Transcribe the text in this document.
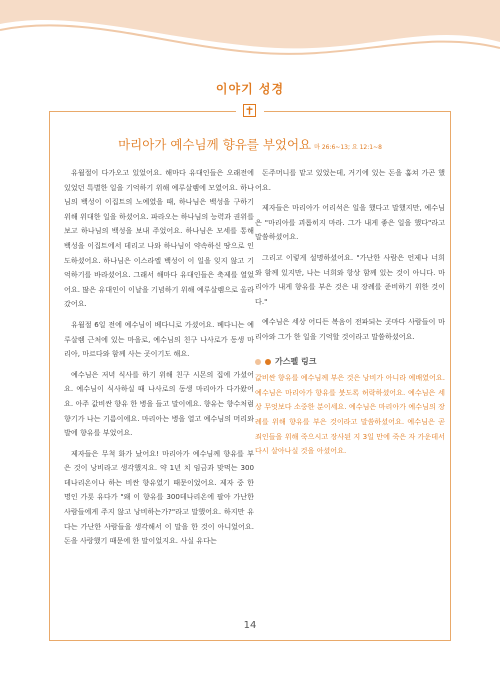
이야기 성경
마리아가 예수님께 향유를 부었어요 마 26:6~13; 요 12:1~8

유월절이 다가오고 있었어요. 해마다 유대인들은 오래전에 있었던 특별한 일을 기억하기 위해 예루살렘에 모였어요. 하나님의 백성이 이집트의 노예였을 때, 하나님은 백성을 구하기 위해 위대한 일을 하셨어요. 파라오는 하나님의 능력과 권위를 보고 하나님의 백성을 보내 주었어요. 하나님은 모세를 통해 백성을 이집트에서 데리고 나와 하나님이 약속하신 땅으로 인도하셨어요. 하나님은 이스라엘 백성이 이 일을 잊지 않고 기억하기를 바라셨어요. 그래서 해마다 유대인들은 축제를 열었어요. 많은 유대인이 이날을 기념하기 위해 예루살렘으로 올라갔어요.

유월절 6일 전에 예수님이 베다니로 가셨어요. 베다니는 예루살렘 근처에 있는 마을로, 예수님의 친구 나사로가 동생 마리아, 마르다와 함께 사는 곳이기도 해요.

예수님은 저녁 식사를 하기 위해 친구 시몬의 집에 가셨어요. 예수님이 식사하실 때 나사로의 동생 마리아가 다가왔어요. 아주 값비싼 향유 한 병을 들고 말이에요. 향유는 향수처럼 향기가 나는 기름이에요. 마리아는 병을 열고 예수님의 머리와 발에 향유를 부었어요.

제자들은 무척 화가 났어요! 마리아가 예수님께 향유를 부은 것이 낭비라고 생각했지요. 약 1년 치 임금과 맞먹는 300데나리온이나 하는 비싼 향유였기 때문이었어요. 제자 중 한 명인 가룟 유다가 "왜 이 향유를 300데나리온에 팔아 가난한 사람들에게 주지 않고 낭비하는가?"라고 말했어요. 하지만 유다는 가난한 사람들을 생각해서 이 말을 한 것이 아니었어요. 돈을 사랑했기 때문에 한 말이었지요. 사실 유다는

돈주머니를 맡고 있었는데, 거기에 있는 돈을 훔쳐 가곤 했어요.

제자들은 마리아가 어리석은 일을 했다고 말했지만, 예수님은 "마리아를 괴롭히지 마라. 그가 내게 좋은 일을 했다"라고 말씀하셨어요.

그리고 이렇게 설명하셨어요. "가난한 사람은 언제나 너희와 함께 있지만, 나는 너희와 항상 함께 있는 것이 아니다. 마리아가 내게 향유를 부은 것은 내 장례를 준비하기 위한 것이다."

예수님은 세상 어디든 복음이 전파되는 곳마다 사람들이 마리아와 그가 한 일을 기억할 것이라고 말씀하셨어요.

가스펠 링크
값비싼 향유를 예수님께 부은 것은 낭비가 아니라 예배였어요. 예수님은 마리아가 향유를 붓도록 허락하셨어요. 예수님은 세상 무엇보다 소중한 분이세요. 예수님은 마리아가 예수님의 장례를 위해 향유를 부은 것이라고 말씀하셨어요. 예수님은 곧 죄인들을 위해 죽으시고 장사된 지 3일 만에 죽은 자 가운데서 다시 살아나실 것을 아셨어요.
14
